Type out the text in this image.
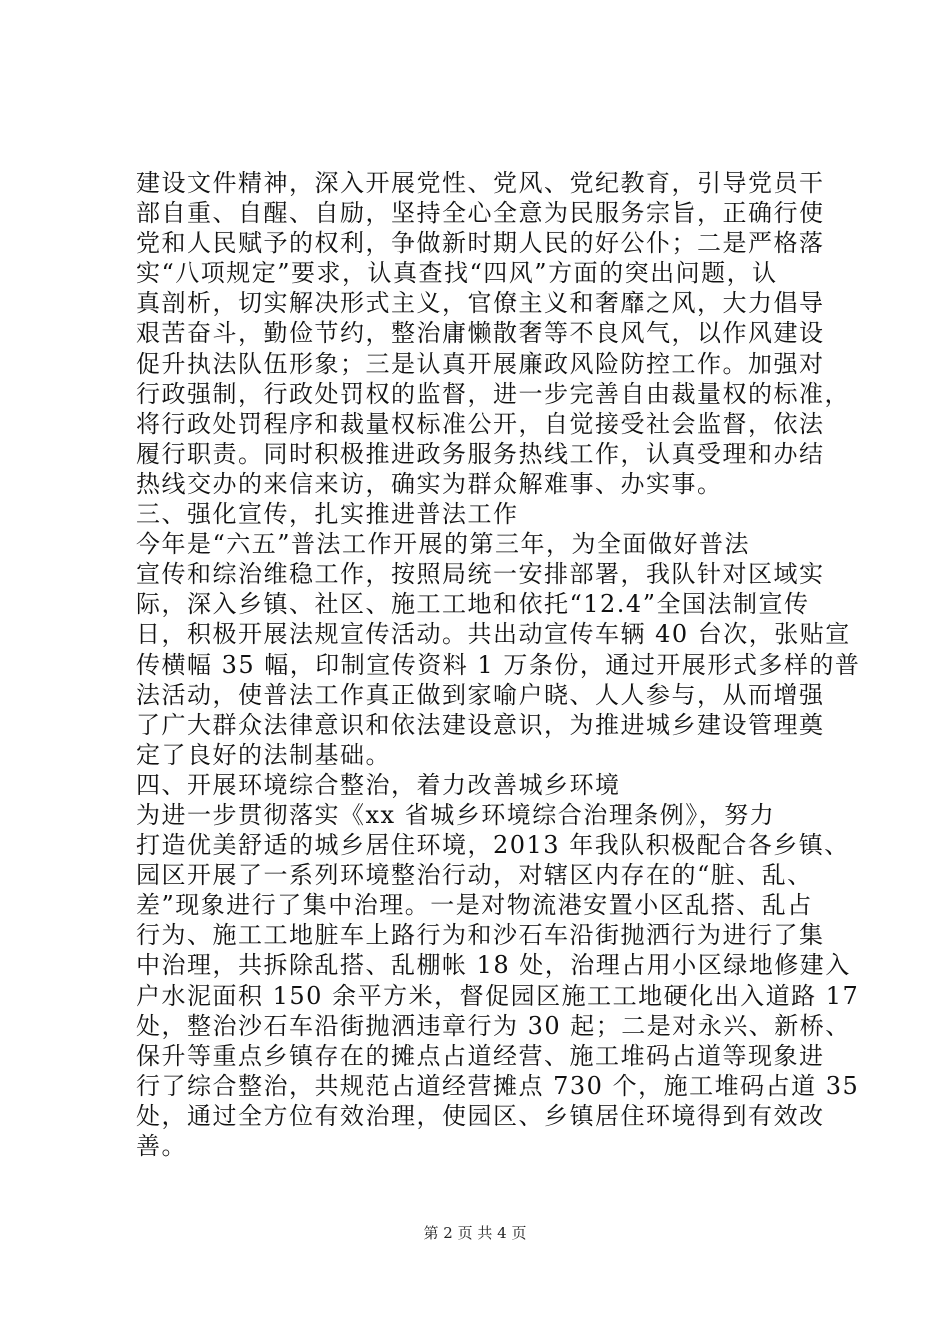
建设文件精神，深入开展党性、党风、党纪教育，引导党员干
部自重、自醒、自励，坚持全心全意为民服务宗旨，正确行使
党和人民赋予的权利，争做新时期人民的好公仆；二是严格落
实“八项规定”要求，认真查找“四风”方面的突出问题，认
真剖析，切实解决形式主义，官僚主义和奢靡之风，大力倡导
艰苦奋斗，勤俭节约，整治庸懒散奢等不良风气，以作风建设
促升执法队伍形象；三是认真开展廉政风险防控工作。加强对
行政强制，行政处罚权的监督，进一步完善自由裁量权的标准，
将行政处罚程序和裁量权标准公开，自觉接受社会监督，依法
履行职责。同时积极推进政务服务热线工作，认真受理和办结
热线交办的来信来访，确实为群众解难事、办实事。
三、强化宣传，扎实推进普法工作
今年是“六五”普法工作开展的第三年，为全面做好普法
宣传和综治维稳工作，按照局统一安排部署，我队针对区域实
际，深入乡镇、社区、施工工地和依托“12.4”全国法制宣传
日，积极开展法规宣传活动。共出动宣传车辆 40 台次，张贴宣
传横幅 35 幅，印制宣传资料 1 万条份，通过开展形式多样的普
法活动，使普法工作真正做到家喻户晓、人人参与，从而增强
了广大群众法律意识和依法建设意识，为推进城乡建设管理奠
定了良好的法制基础。
四、开展环境综合整治，着力改善城乡环境
为进一步贯彻落实《xx 省城乡环境综合治理条例》，努力
打造优美舒适的城乡居住环境，2013 年我队积极配合各乡镇、
园区开展了一系列环境整治行动，对辖区内存在的“脏、乱、
差”现象进行了集中治理。一是对物流港安置小区乱搭、乱占
行为、施工工地脏车上路行为和沙石车沿街抛洒行为进行了集
中治理，共拆除乱搭、乱棚帐 18 处，治理占用小区绿地修建入
户水泥面积 150 余平方米，督促园区施工工地硬化出入道路 17
处，整治沙石车沿街抛洒违章行为 30 起；二是对永兴、新桥、
保升等重点乡镇存在的摊点占道经营、施工堆码占道等现象进
行了综合整治，共规范占道经营摊点 730 个，施工堆码占道 35
处，通过全方位有效治理，使园区、乡镇居住环境得到有效改
善。
第 2 页 共 4 页
